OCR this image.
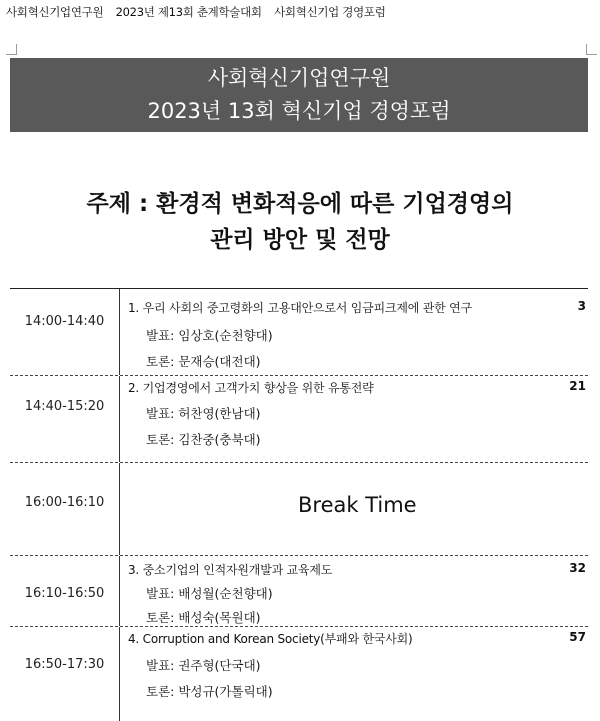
사회혁신기업연구원 2023년 제13회 춘계학술대회 사회혁신기업 경영포럼
사회혁신기업연구원
2023년 13회 혁신기업 경영포럼
주제 : 환경적 변화적응에 따른 기업경영의
관리 방안 및 전망
14:00-14:40
1. 우리 사회의 중고령화의 고용대안으로서 임금피크제에 관한 연구	3
발표: 임상호(순천향대)
토론: 문재승(대전대)
14:40-15:20
2. 기업경영에서 고객가치 향상을 위한 유통전략	21
발표: 허찬영(한남대)
토론: 김찬중(충북대)
16:00-16:10	Break Time
16:10-16:50
3. 중소기업의 인적자원개발과 교육제도	32
발표: 배성월(순천향대)
토론: 배성숙(목원대)
16:50-17:30
4. Corruption and Korean Society(부패와 한국사회)	57
발표: 권주형(단국대)
토론: 박성규(가톨릭대)
